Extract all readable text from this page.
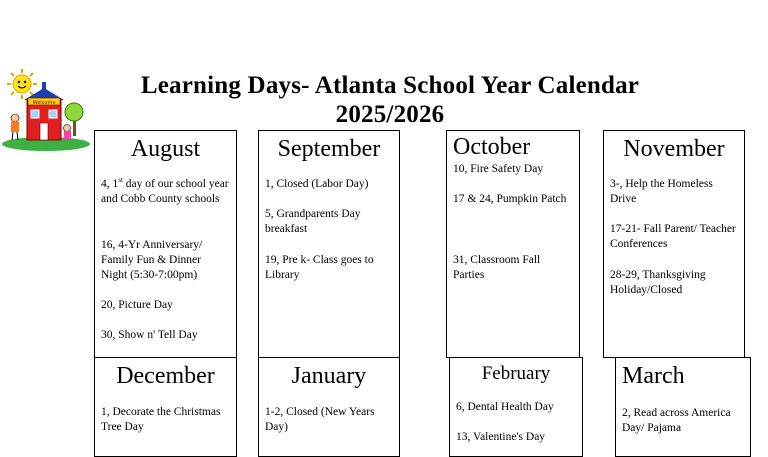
Welcome
Learning Days- Atlanta School Year Calendar
2025/2026
August
4, 1st day of our school year and Cobb County schools
16, 4-Yr Anniversary/ Family Fun & Dinner Night (5:30-7:00pm)
20, Picture Day
30, Show n' Tell Day
September
1, Closed (Labor Day)
5, Grandparents Day breakfast
19, Pre k- Class goes to Library
October
10, Fire Safety Day
17 & 24, Pumpkin Patch
31, Classroom Fall Parties
November
3-, Help the Homeless Drive
17-21- Fall Parent/ Teacher Conferences
28-29, Thanksgiving Holiday/Closed
December
1, Decorate the Christmas Tree Day
January
1-2, Closed (New Years Day)
February
6, Dental Health Day
13, Valentine's Day
March
2, Read across America Day/ Pajama
